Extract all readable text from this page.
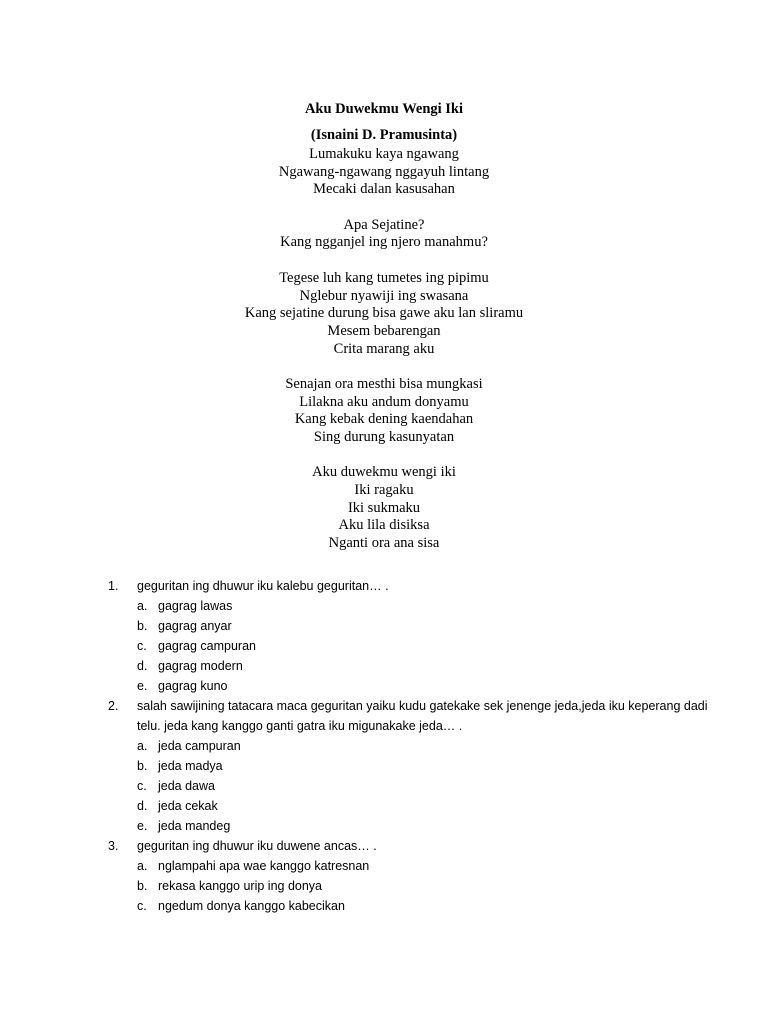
Aku Duwekmu Wengi Iki
(Isnaini D. Pramusinta)
Lumakuku kaya ngawang
Ngawang-ngawang nggayuh lintang
Mecaki dalan kasusahan
Apa Sejatine?
Kang ngganjel ing njero manahmu?
Tegese luh kang tumetes ing pipimu
Nglebur nyawiji ing swasana
Kang sejatine durung bisa gawe aku lan sliramu
Mesem bebarengan
Crita marang aku
Senajan ora mesthi bisa mungkasi
Lilakna aku andum donyamu
Kang kebak dening kaendahan
Sing durung kasunyatan
Aku duwekmu wengi iki
Iki ragaku
Iki sukmaku
Aku lila disiksa
Nganti ora ana sisa
1.	geguritan ing dhuwur iku kalebu geguritan… .
a. gagrag lawas
b. gagrag anyar
c. gagrag campuran
d. gagrag modern
e. gagrag kuno
2.	salah sawijining tatacara maca geguritan yaiku kudu gatekake sek jenenge jeda,jeda iku keperang dadi telu. jeda kang kanggo ganti gatra iku migunakake jeda… .
a. jeda campuran
b. jeda madya
c. jeda dawa
d. jeda cekak
e. jeda mandeg
3.	geguritan ing dhuwur iku duwene ancas… .
a. nglampahi apa wae kanggo katresnan
b. rekasa kanggo urip ing donya
c. ngedum donya kanggo kabecikan
